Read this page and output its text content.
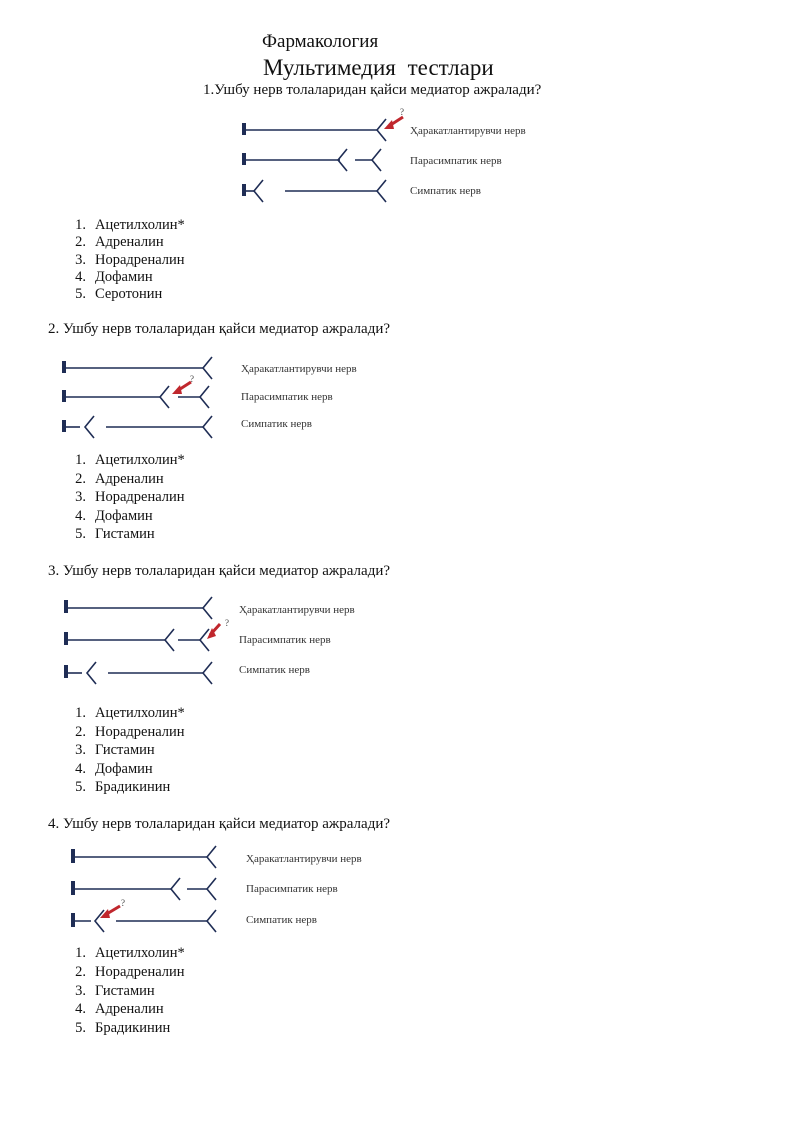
Фармакология
Мультимедия тестлари
1.Ушбу нерв толаларидан қайси медиатор ажралади?
?
Ҳаракатлантирувчи нерв
Парасимпатик нерв
Симпатик нерв
1. Ацетилхолин*
2. Адреналин
3. Норадреналин
4. Дофамин
5. Серотонин
2. Ушбу нерв толаларидан қайси медиатор ажралади?
?
Ҳаракатлантирувчи нерв
Парасимпатик нерв
Симпатик нерв
1. Ацетилхолин*
2. Адреналин
3. Норадреналин
4. Дофамин
5. Гистамин
3. Ушбу нерв толаларидан қайси медиатор ажралади?
?
Ҳаракатлантирувчи нерв
Парасимпатик нерв
Симпатик нерв
1. Ацетилхолин*
2. Норадреналин
3. Гистамин
4. Дофамин
5. Брадикинин
4. Ушбу нерв толаларидан қайси медиатор ажралади?
?
Ҳаракатлантирувчи нерв
Парасимпатик нерв
Симпатик нерв
1. Ацетилхолин*
2. Норадреналин
3. Гистамин
4. Адреналин
5. Брадикинин
